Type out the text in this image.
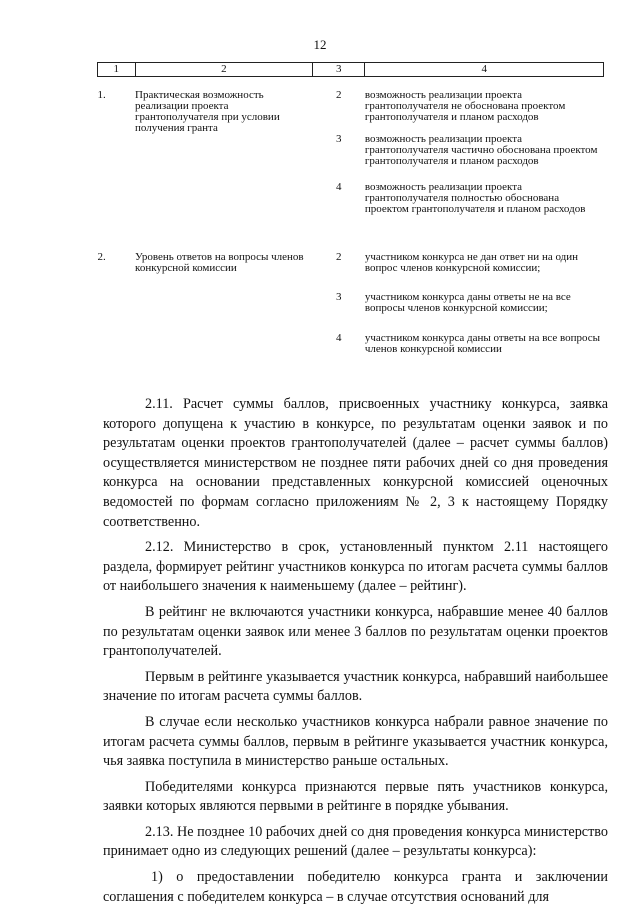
12
1	2	3	4
1.	Практическая возможность реализации проекта грантополучателя при условии получения гранта	2	возможность реализации проекта грантополучателя не обоснована проектом грантополучателя и планом расходов
		3	возможность реализации проекта грантополучателя частично обоснована проектом грантополучателя и планом расходов
		4	возможность реализации проекта грантополучателя полностью обоснована проектом грантополучателя и планом расходов
2.	Уровень ответов на вопросы членов конкурсной комиссии	2	участником конкурса не дан ответ ни на один вопрос членов конкурсной комиссии;
		3	участником конкурса даны ответы не на все вопросы членов конкурсной комиссии;
		4	участником конкурса даны ответы на все вопросы членов конкурсной комиссии

2.11. Расчет суммы баллов, присвоенных участнику конкурса, заявка которого допущена к участию в конкурсе, по результатам оценки заявок и по результатам оценки проектов грантополучателей (далее – расчет суммы баллов) осуществляется министерством не позднее пяти рабочих дней со дня проведения конкурса на основании представленных конкурсной комиссией оценочных ведомостей по формам согласно приложениям № 2, 3 к настоящему Порядку соответственно.

2.12. Министерство в срок, установленный пунктом 2.11 настоящего раздела, формирует рейтинг участников конкурса по итогам расчета суммы баллов от наибольшего значения к наименьшему (далее – рейтинг).

В рейтинг не включаются участники конкурса, набравшие менее 40 баллов по результатам оценки заявок или менее 3 баллов по результатам оценки проектов грантополучателей.

Первым в рейтинге указывается участник конкурса, набравший наибольшее значение по итогам расчета суммы баллов.

В случае если несколько участников конкурса набрали равное значение по итогам расчета суммы баллов, первым в рейтинге указывается участник конкурса, чья заявка поступила в министерство раньше остальных.

Победителями конкурса признаются первые пять участников конкурса, заявки которых являются первыми в рейтинге в порядке убывания.

2.13. Не позднее 10 рабочих дней со дня проведения конкурса министерство принимает одно из следующих решений (далее – результаты конкурса):

1) о предоставлении победителю конкурса гранта и заключении соглашения с победителем конкурса – в случае отсутствия оснований для
